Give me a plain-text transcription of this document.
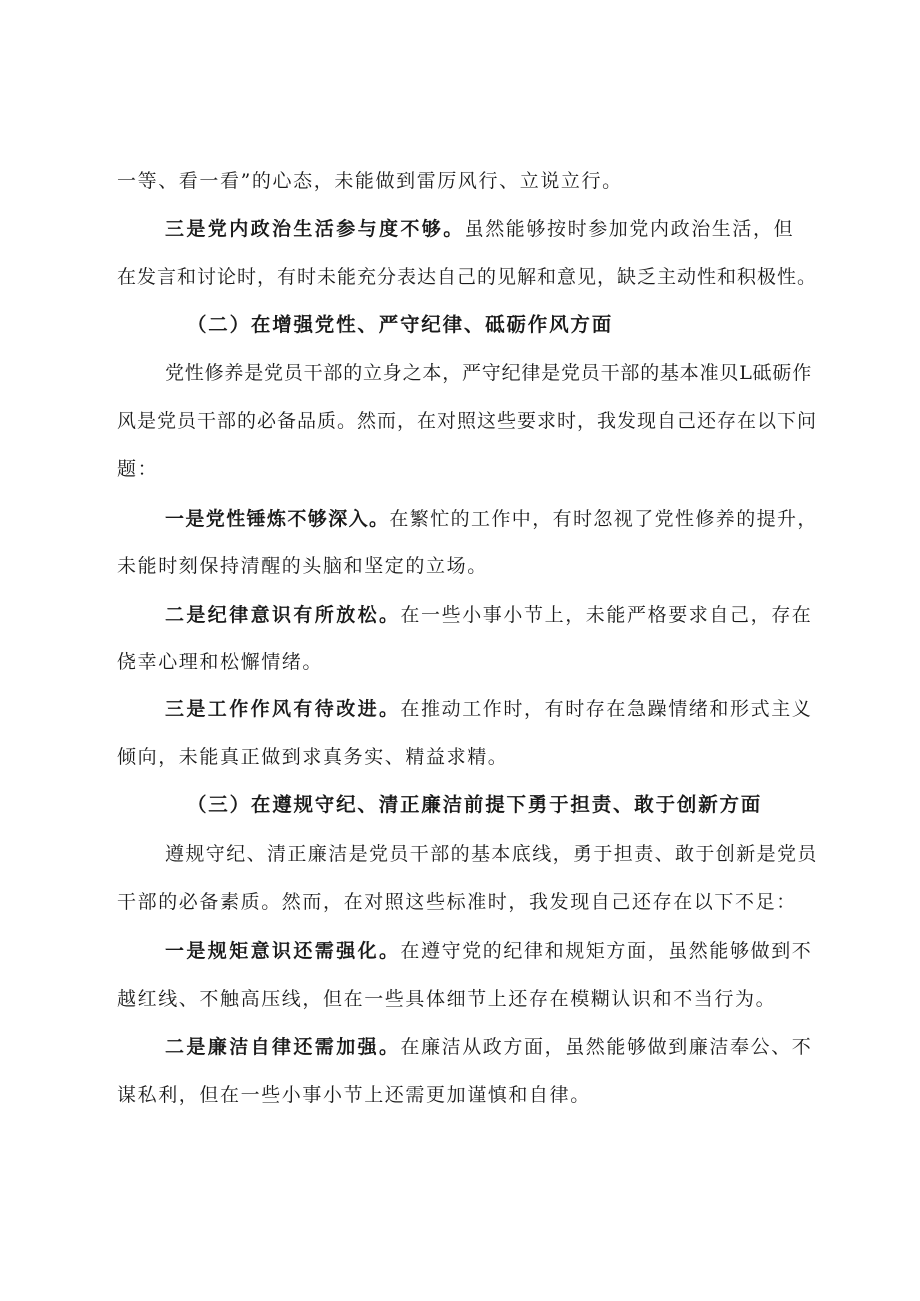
一等、看一看”的心态，未能做到雷厉风行、立说立行。
三是党内政治生活参与度不够。虽然能够按时参加党内政治生活，但
在发言和讨论时，有时未能充分表达自己的见解和意见，缺乏主动性和积极性。
（二）在增强党性、严守纪律、砥砺作风方面
党性修养是党员干部的立身之本，严守纪律是党员干部的基本准贝L砥砺作
风是党员干部的必备品质。然而，在对照这些要求时，我发现自己还存在以下问
题：
一是党性锤炼不够深入。在繁忙的工作中，有时忽视了党性修养的提升，
未能时刻保持清醒的头脑和坚定的立场。
二是纪律意识有所放松。在一些小事小节上，未能严格要求自己，存在
侥幸心理和松懈情绪。
三是工作作风有待改进。在推动工作时，有时存在急躁情绪和形式主义
倾向，未能真正做到求真务实、精益求精。
（三）在遵规守纪、清正廉洁前提下勇于担责、敢于创新方面
遵规守纪、清正廉洁是党员干部的基本底线，勇于担责、敢于创新是党员
干部的必备素质。然而，在对照这些标准时，我发现自己还存在以下不足：
一是规矩意识还需强化。在遵守党的纪律和规矩方面，虽然能够做到不
越红线、不触高压线，但在一些具体细节上还存在模糊认识和不当行为。
二是廉洁自律还需加强。在廉洁从政方面，虽然能够做到廉洁奉公、不
谋私利，但在一些小事小节上还需更加谨慎和自律。
